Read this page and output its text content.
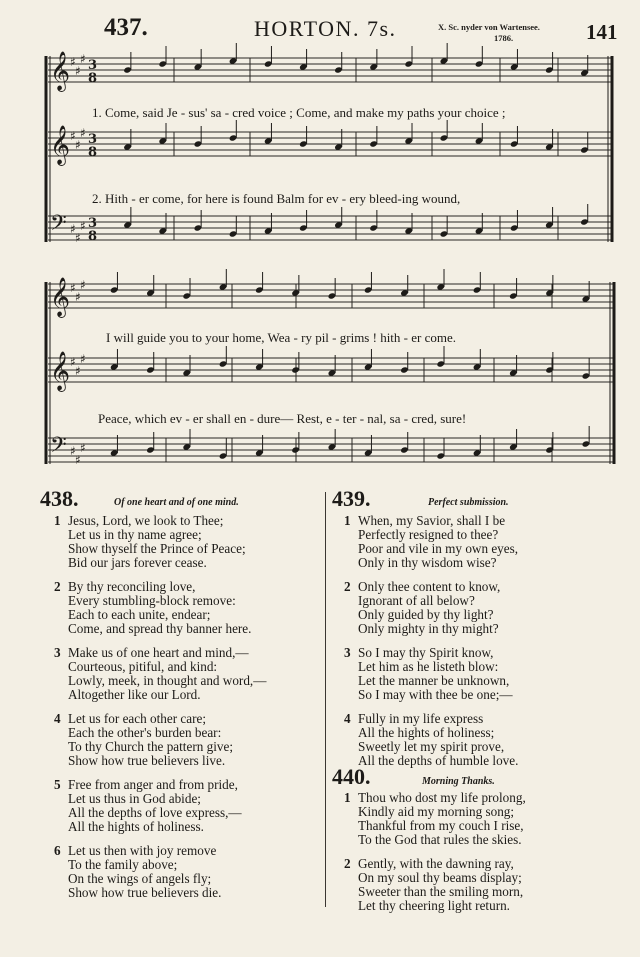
437.	HORTON. 7s.	X. Sc. nyder von Wartensee.
1786.	141
𝄞 ♯
♯
♯ 3
8
𝄞 ♯
♯
♯ 3
8
𝄢 ♯
♯
♯ 3
8
𝄞 ♯
♯
♯
𝄞 ♯
♯
♯
𝄢 ♯
♯
♯
1. Come, said Je - sus' sa - cred voice ; Come, and make my paths your choice ;
2. Hith - er come, for here is found Balm for ev - ery bleed-ing wound,
I will guide you to your home, Wea - ry pil - grims ! hith - er come.
Peace, which ev - er shall en - dure— Rest, e - ter - nal, sa - cred, sure!
438.	Of one heart and of one mind.
1 Jesus, Lord, we look to Thee;
Let us in thy name agree;
Show thyself the Prince of Peace;
Bid our jars forever cease.
2 By thy reconciling love,
Every stumbling-block remove:
Each to each unite, endear;
Come, and spread thy banner here.
3 Make us of one heart and mind,—
Courteous, pitiful, and kind:
Lowly, meek, in thought and word,—
Altogether like our Lord.
4 Let us for each other care;
Each the other's burden bear:
To thy Church the pattern give;
Show how true believers live.
5 Free from anger and from pride,
Let us thus in God abide;
All the depths of love express,—
All the hights of holiness.
6 Let us then with joy remove
To the family above;
On the wings of angels fly;
Show how true believers die.
439.	Perfect submission.
1 When, my Savior, shall I be
Perfectly resigned to thee?
Poor and vile in my own eyes,
Only in thy wisdom wise?
2 Only thee content to know,
Ignorant of all below?
Only guided by thy light?
Only mighty in thy might?
3 So I may thy Spirit know,
Let him as he listeth blow:
Let the manner be unknown,
So I may with thee be one;—
4 Fully in my life express
All the hights of holiness;
Sweetly let my spirit prove,
All the depths of humble love.
440.	Morning Thanks.
1 Thou who dost my life prolong,
Kindly aid my morning song;
Thankful from my couch I rise,
To the God that rules the skies.
2 Gently, with the dawning ray,
On my soul thy beams display;
Sweeter than the smiling morn,
Let thy cheering light return.
